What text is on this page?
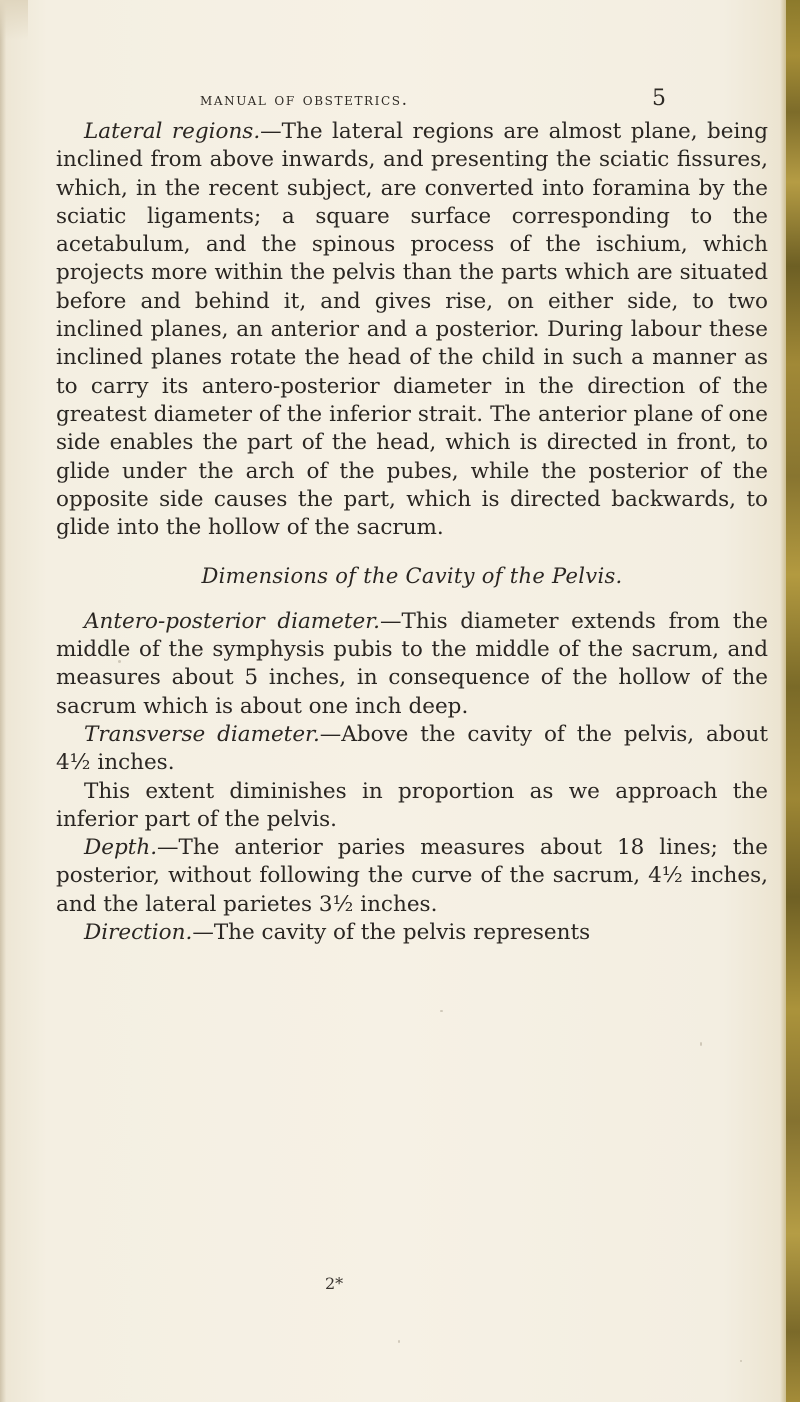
manual of obstetrics.	5

Lateral regions.—The lateral regions are almost plane, being inclined from above inwards, and presenting the sciatic fissures, which, in the recent subject, are converted into foramina by the sciatic ligaments; a square surface corresponding to the acetabulum, and the spinous process of the ischium, which projects more within the pelvis than the parts which are situated before and behind it, and gives rise, on either side, to two inclined planes, an anterior and a posterior. During labour these inclined planes rotate the head of the child in such a manner as to carry its antero-posterior diameter in the direction of the greatest diameter of the inferior strait. The anterior plane of one side enables the part of the head, which is directed in front, to glide under the arch of the pubes, while the posterior of the opposite side causes the part, which is directed backwards, to glide into the hollow of the sacrum.

Dimensions of the Cavity of the Pelvis.

Antero-posterior diameter.—This diameter extends from the middle of the symphysis pubis to the middle of the sacrum, and measures about 5 inches, in consequence of the hollow of the sacrum which is about one inch deep.

Transverse diameter.—Above the cavity of the pelvis, about 4½ inches.

This extent diminishes in proportion as we approach the inferior part of the pelvis.

Depth.—The anterior paries measures about 18 lines; the posterior, without following the curve of the sacrum, 4½ inches, and the lateral parietes 3½ inches.

Direction.—The cavity of the pelvis represents

2*
